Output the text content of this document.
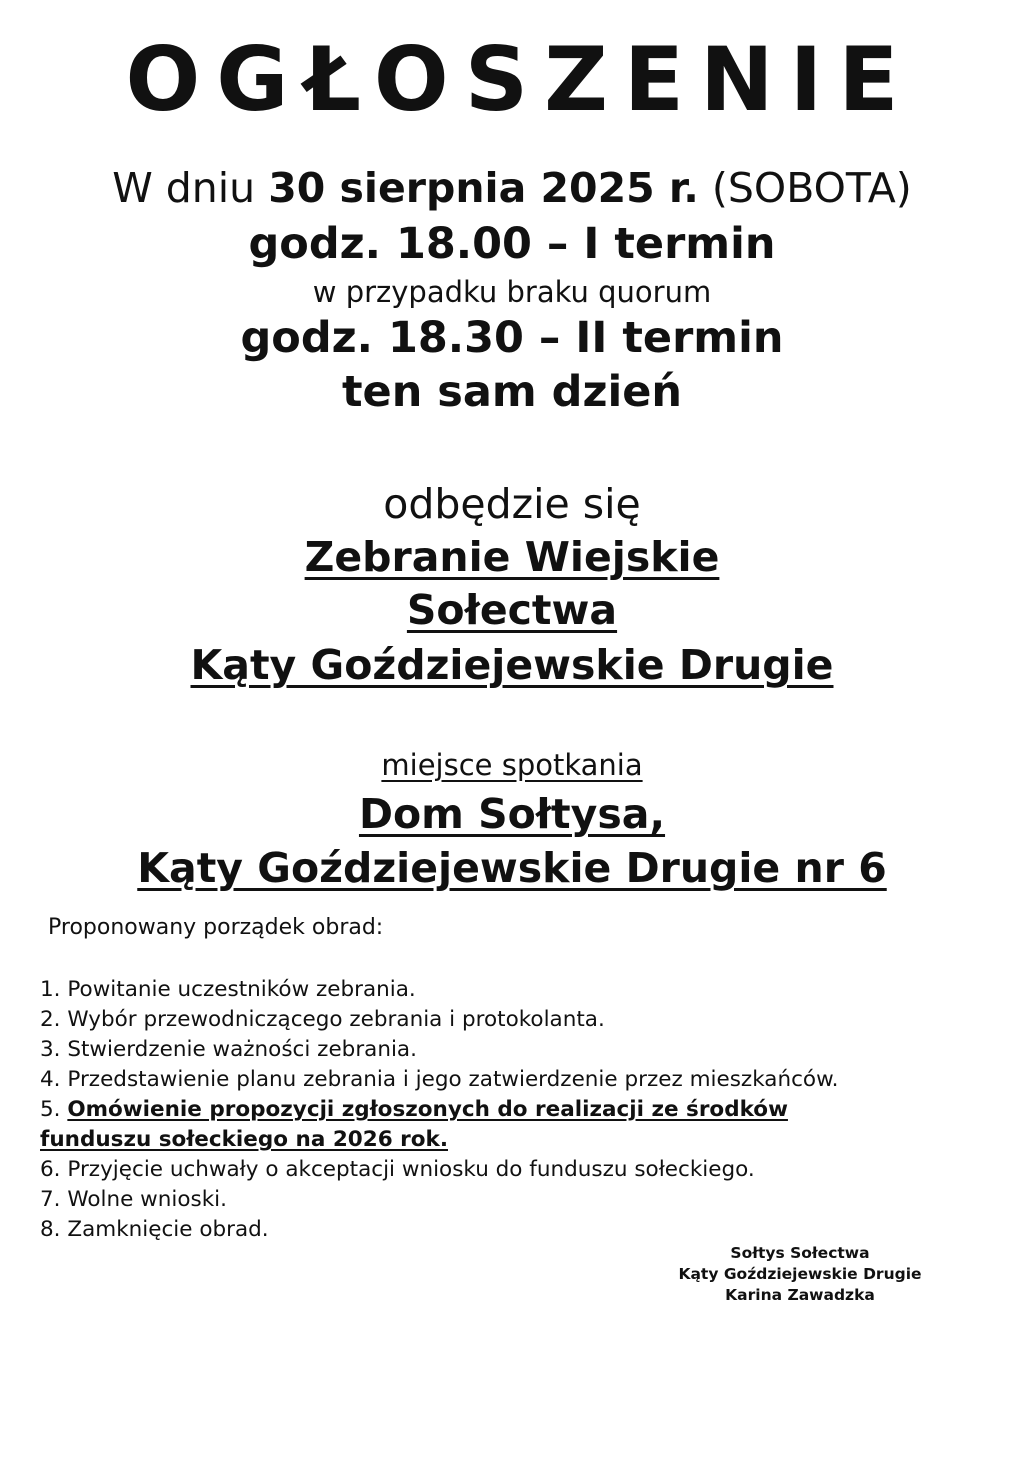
OGŁOSZENIE
W dniu 30 sierpnia 2025 r. (SOBOTA)
godz. 18.00 – I termin
w przypadku braku quorum
godz. 18.30 – II termin
ten sam dzień
odbędzie się
Zebranie Wiejskie
Sołectwa
Kąty Goździejewskie Drugie
miejsce spotkania
Dom Sołtysa,
Kąty Goździejewskie Drugie nr 6
Proponowany porządek obrad:
1. Powitanie uczestników zebrania.
2. Wybór przewodniczącego zebrania i protokolanta.
3. Stwierdzenie ważności zebrania.
4. Przedstawienie planu zebrania i jego zatwierdzenie przez mieszkańców.
5. Omówienie propozycji zgłoszonych do realizacji ze środków
funduszu sołeckiego na 2026 rok.
6. Przyjęcie uchwały o akceptacji wniosku do funduszu sołeckiego.
7. Wolne wnioski.
8. Zamknięcie obrad.
Sołtys Sołectwa
Kąty Goździejewskie Drugie
Karina Zawadzka
